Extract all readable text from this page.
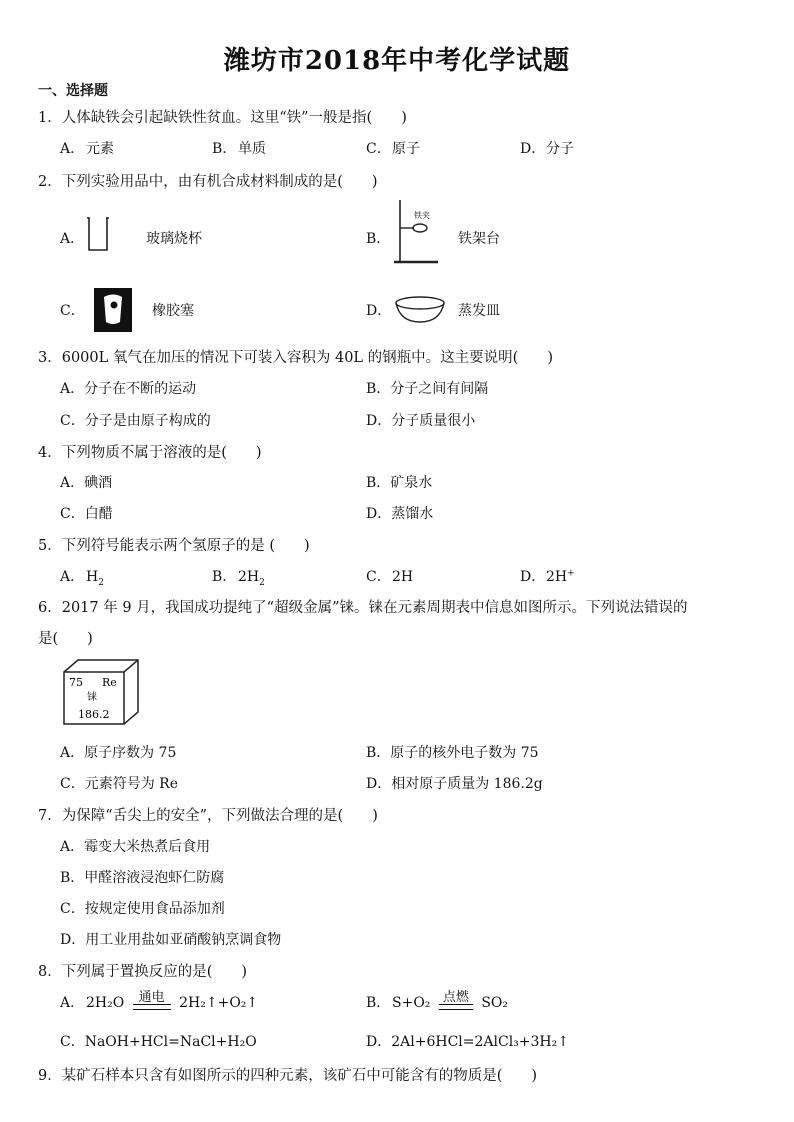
潍坊市2018年中考化学试题
一、选择题
1．人体缺铁会引起缺铁性贫血。这里“铁”一般是指(　　)
A． 元素	B． 单质	C．原子	D．分子
2．下列实验用品中，由有机合成材料制成的是(　　)
A．	玻璃烧杯	B．
铁夹
铁架台
C．	橡胶塞	D．	蒸发皿
3．6000L 氧气在加压的情况下可装入容积为 40L 的钢瓶中。这主要说明(　　)
A．分子在不断的运动	B．分子之间有间隔
C．分子是由原子构成的	D．分子质量很小
4．下列物质不属于溶液的是(　　)
A．碘酒	B．矿泉水
C．白醋	D．蒸馏水
5．下列符号能表示两个氢原子的是 (　　)
A． $H_2$	B． $2H_2$	C．2H	D．2H+
6．2017 年 9 月，我国成功提纯了“超级金属”铼。铼在元素周期表中信息如图所示。下列说法错误的
是(　　)
75 Re
铼
186.2
A．原子序数为 75	B．原子的核外电子数为 75
C．元素符号为 Re	D．相对原子质量为 186.2g
7．为保障“舌尖上的安全”，下列做法合理的是(　　)
A．霉变大米热煮后食用
B．甲醛溶液浸泡虾仁防腐
C．按规定使用食品添加剂
D．用工业用盐如亚硝酸钠烹调食物
8．下列属于置换反应的是(　　)
A． 2H₂O	通电	2H₂↑+O₂↑	B． S+O₂ 点燃 SO₂
C．NaOH+HCl=NaCl+H₂O	D．2Al+6HCl=2AlCl₃+3H₂↑
9．某矿石样本只含有如图所示的四种元素，该矿石中可能含有的物质是(　　)
